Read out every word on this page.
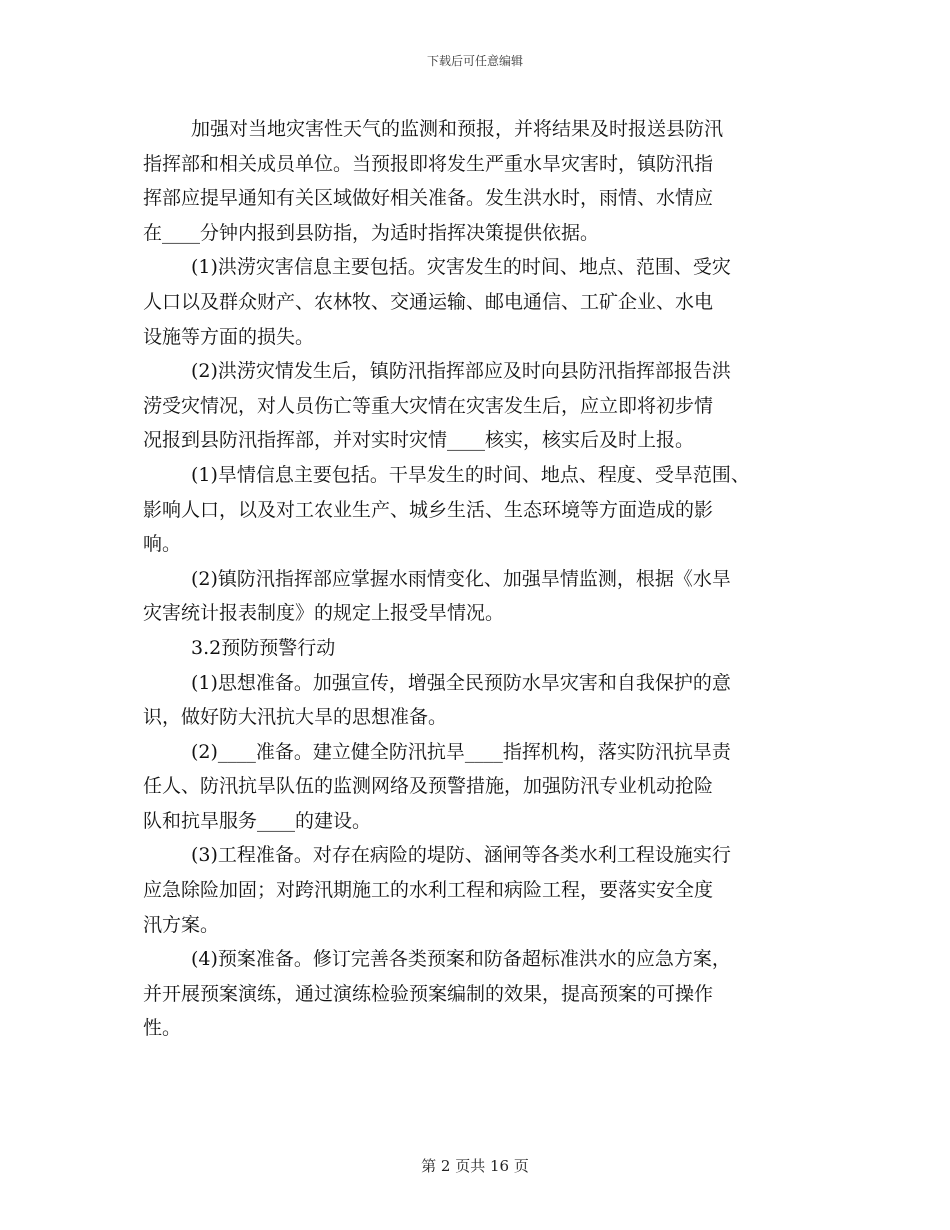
下载后可任意编辑
加强对当地灾害性天气的监测和预报，并将结果及时报送县防汛
指挥部和相关成员单位。当预报即将发生严重水旱灾害时，镇防汛指
挥部应提早通知有关区域做好相关准备。发生洪水时，雨情、水情应
在____分钟内报到县防指，为适时指挥决策提供依据。
(1)洪涝灾害信息主要包括。灾害发生的时间、地点、范围、受灾
人口以及群众财产、农林牧、交通运输、邮电通信、工矿企业、水电
设施等方面的损失。
(2)洪涝灾情发生后，镇防汛指挥部应及时向县防汛指挥部报告洪
涝受灾情况，对人员伤亡等重大灾情在灾害发生后，应立即将初步情
况报到县防汛指挥部，并对实时灾情____核实，核实后及时上报。
(1)旱情信息主要包括。干旱发生的时间、地点、程度、受旱范围、
影响人口，以及对工农业生产、城乡生活、生态环境等方面造成的影
响。
(2)镇防汛指挥部应掌握水雨情变化、加强旱情监测，根据《水旱
灾害统计报表制度》的规定上报受旱情况。
3.2预防预警行动
(1)思想准备。加强宣传，增强全民预防水旱灾害和自我保护的意
识，做好防大汛抗大旱的思想准备。
(2)____准备。建立健全防汛抗旱____指挥机构，落实防汛抗旱责
任人、防汛抗旱队伍的监测网络及预警措施，加强防汛专业机动抢险
队和抗旱服务____的建设。
(3)工程准备。对存在病险的堤防、涵闸等各类水利工程设施实行
应急除险加固；对跨汛期施工的水利工程和病险工程，要落实安全度
汛方案。
(4)预案准备。修订完善各类预案和防备超标准洪水的应急方案，
并开展预案演练，通过演练检验预案编制的效果，提高预案的可操作
性。
第 2 页共 16 页
